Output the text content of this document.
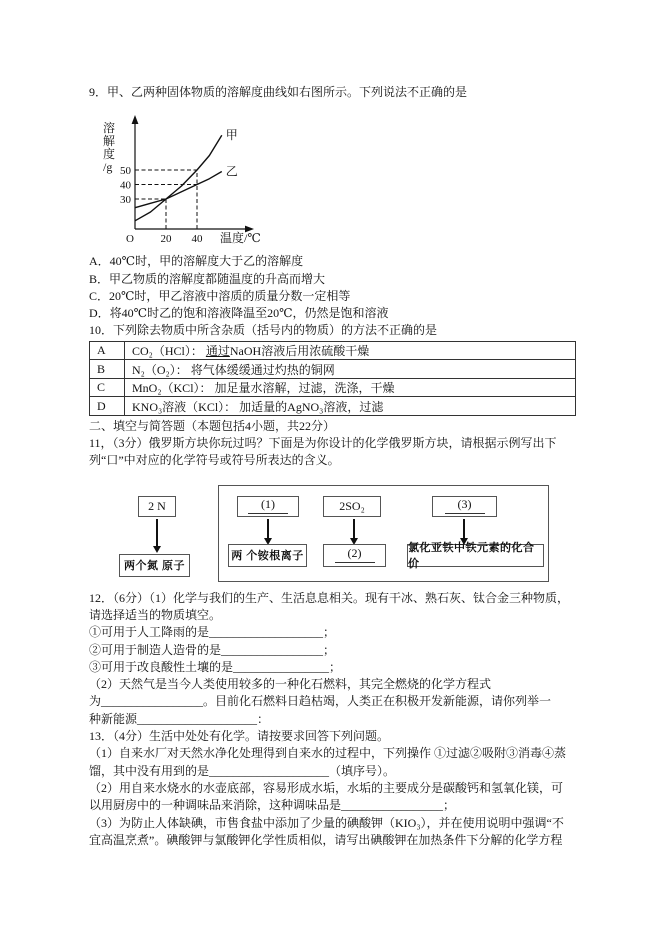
9．甲、乙两种固体物质的溶解度曲线如右图所示。下列说法不正确的是
溶
解
度
/g
30
40
50
O 20 40 温度/℃
甲
乙
A．40℃时，甲的溶解度大于乙的溶解度
B．甲乙物质的溶解度都随温度的升高而增大
C．20℃时，甲乙溶液中溶质的质量分数一定相等
D．将40℃时乙的饱和溶液降温至20℃，仍然是饱和溶液
10．下列除去物质中所含杂质（括号内的物质）的方法不正确的是
A	CO₂（HCl）： 通过NaOH溶液后用浓硫酸干燥
B	N₂（O₂）： 将气体缓缓通过灼热的铜网
C	MnO₂（KCl）： 加足量水溶解，过滤，洗涤，干燥
D	KNO₃溶液（KCl）： 加适量的AgNO₃溶液，过滤
二、填空与简答题（本题包括4小题，共22分）
11，（3分）俄罗斯方块你玩过吗？下面是为你设计的化学俄罗斯方块，请根据示例写出下
列“口”中对应的化学符号或符号所表达的含义。
2 N
两个氮 原子
(1)
两 个铵根离子
2SO₂
(2)
(3)
氯化亚铁中铁元素的化合价
12．（6分）（1）化学与我们的生产、生活息息相关。现有干冰、熟石灰、钛合金三种物质，
请选择适当的物质填空。
①可用于人工降雨的是___________________；
②可用于制造人造骨的是_________________；
③可用于改良酸性土壤的是________________；
（2）天然气是当今人类使用较多的一种化石燃料，其完全燃烧的化学方程式
为_________________。目前化石燃料日趋枯竭，人类正在积极开发新能源，请你列举一
种新能源____________________：
13．（4分）生活中处处有化学。请按要求回答下列问题。
（1）自来水厂对天然水净化处理得到自来水的过程中，下列操作 ①过滤②吸附③消毒④蒸
馏，其中没有用到的是____________________（填序号）。
（2）用自来水烧水的水壶底部，容易形成水垢，水垢的主要成分是碳酸钙和氢氧化镁，可
以用厨房中的一种调味品来消除，这种调味品是_________________；
（3）为防止人体缺碘，市售食盐中添加了少量的碘酸钾（KIO₃），并在使用说明中强调“不
宜高温烹煮”。碘酸钾与氯酸钾化学性质相似，请写出碘酸钾在加热条件下分解的化学方程
